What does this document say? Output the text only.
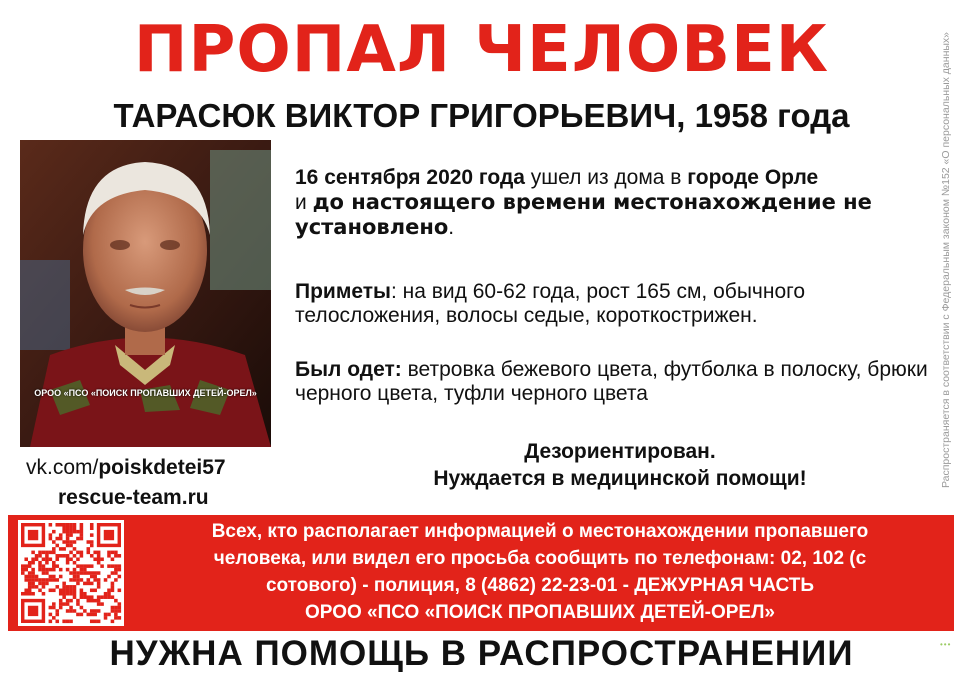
ПРОПАЛ ЧЕЛОВЕК
ТАРАСЮК ВИКТОР ГРИГОРЬЕВИЧ, 1958 года
ОРОО «ПСО «ПОИСК ПРОПАВШИХ ДЕТЕЙ-ОРЕЛ»
vk.com/poiskdetei57
rescue-team.ru

16 сентября 2020 года ушел из дома в городе Орле
и до настоящего времени местонахождение не установлено.

Приметы: на вид 60-62 года, рост 165 см, обычного телосложения, волосы седые, короткострижен.

Был одет: ветровка бежевого цвета, футболка в полоску, брюки черного цвета, туфли черного цвета

Дезориентирован.
Нуждается в медицинской помощи!
Всех, кто располагает информацией о местонахождении пропавшего
человека, или видел его просьба сообщить по телефонам: 02, 102 (с
сотового) - полиция, 8 (4862) 22-23-01 - ДЕЖУРНАЯ ЧАСТЬ
ОРОО «ПСО «ПОИСК ПРОПАВШИХ ДЕТЕЙ-ОРЕЛ»
НУЖНА ПОМОЩЬ В РАСПРОСТРАНЕНИИ
Распространяется в соответствии с Федеральным законом №152 «О персональных данных»
•••
